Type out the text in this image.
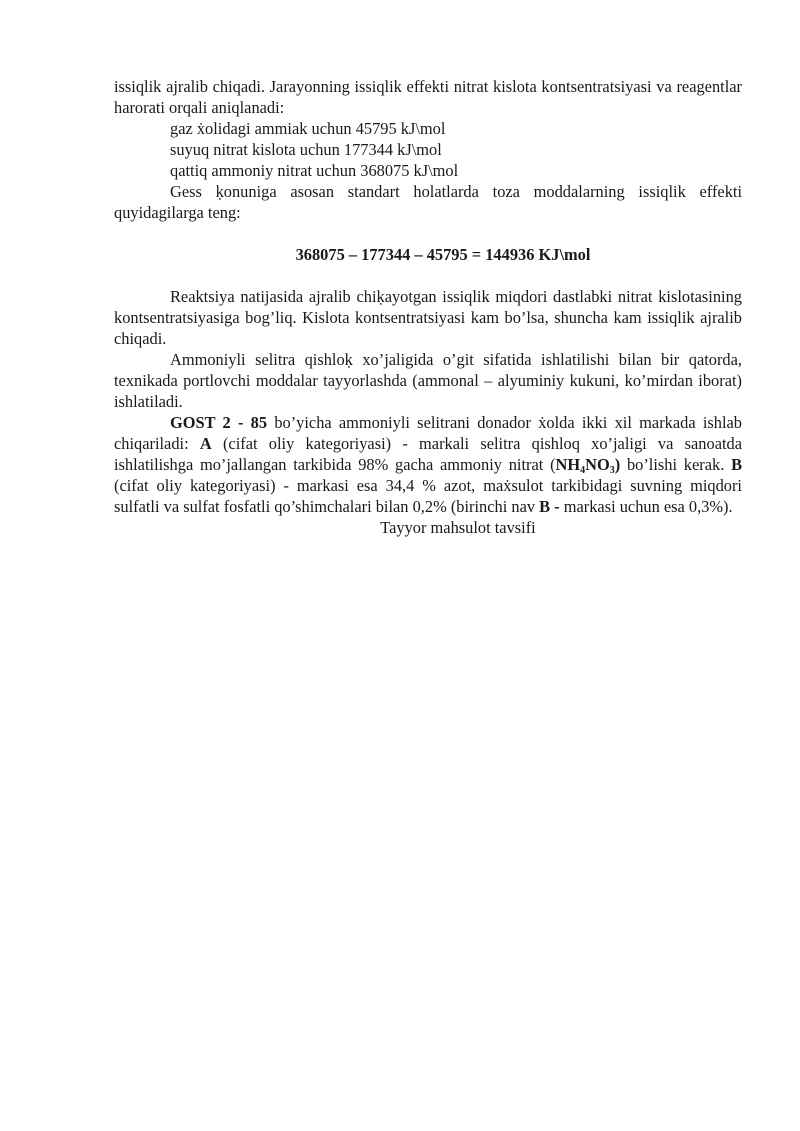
issiqlik ajralib chiqadi. Jarayonning issiqlik effekti nitrat kislota kontsentratsiyasi va reagentlar harorati orqali aniqlanadi:

gaz ẋolidagi ammiak uchun 45795 kJ\mol

suyuq nitrat kislota uchun 177344 kJ\mol

qattiq ammoniy nitrat uchun 368075 kJ\mol

Gess ḳonuniga asosan standart holatlarda toza moddalarning issiqlik effekti quyidagilarga teng:

368075 – 177344 – 45795 = 144936 KJ\mol

Reaktsiya natijasida ajralib chiḳayotgan issiqlik miqdori dastlabki nitrat kislotasining kontsentratsiyasiga bog’liq. Kislota kontsentratsiyasi kam bo’lsa, shuncha kam issiqlik ajralib chiqadi.

Ammoniyli selitra qishloḳ xo’jaligida o’git sifatida ishlatilishi bilan bir qatorda, texnikada portlovchi moddalar tayyorlashda (ammonal – alyuminiy kukuni, ko’mirdan iborat) ishlatiladi.

GOST 2 - 85 bo’yicha ammoniyli selitrani donador ẋolda ikki xil markada ishlab chiqariladi: A (cifat oliy kategoriyasi) - markali selitra qishloq xo’jaligi va sanoatda ishlatilishga mo’jallangan tarkibida 98% gacha ammoniy nitrat $(NH_4NO_3)$ bo’lishi kerak. B (cifat oliy kategoriyasi) - markasi esa 34,4 % azot, maẋsulot tarkibidagi suvning miqdori sulfatli va sulfat fosfatli qo’shimchalari bilan 0,2% (birinchi nav B - markasi uchun esa 0,3%).

Tayyor mahsulot tavsifi
